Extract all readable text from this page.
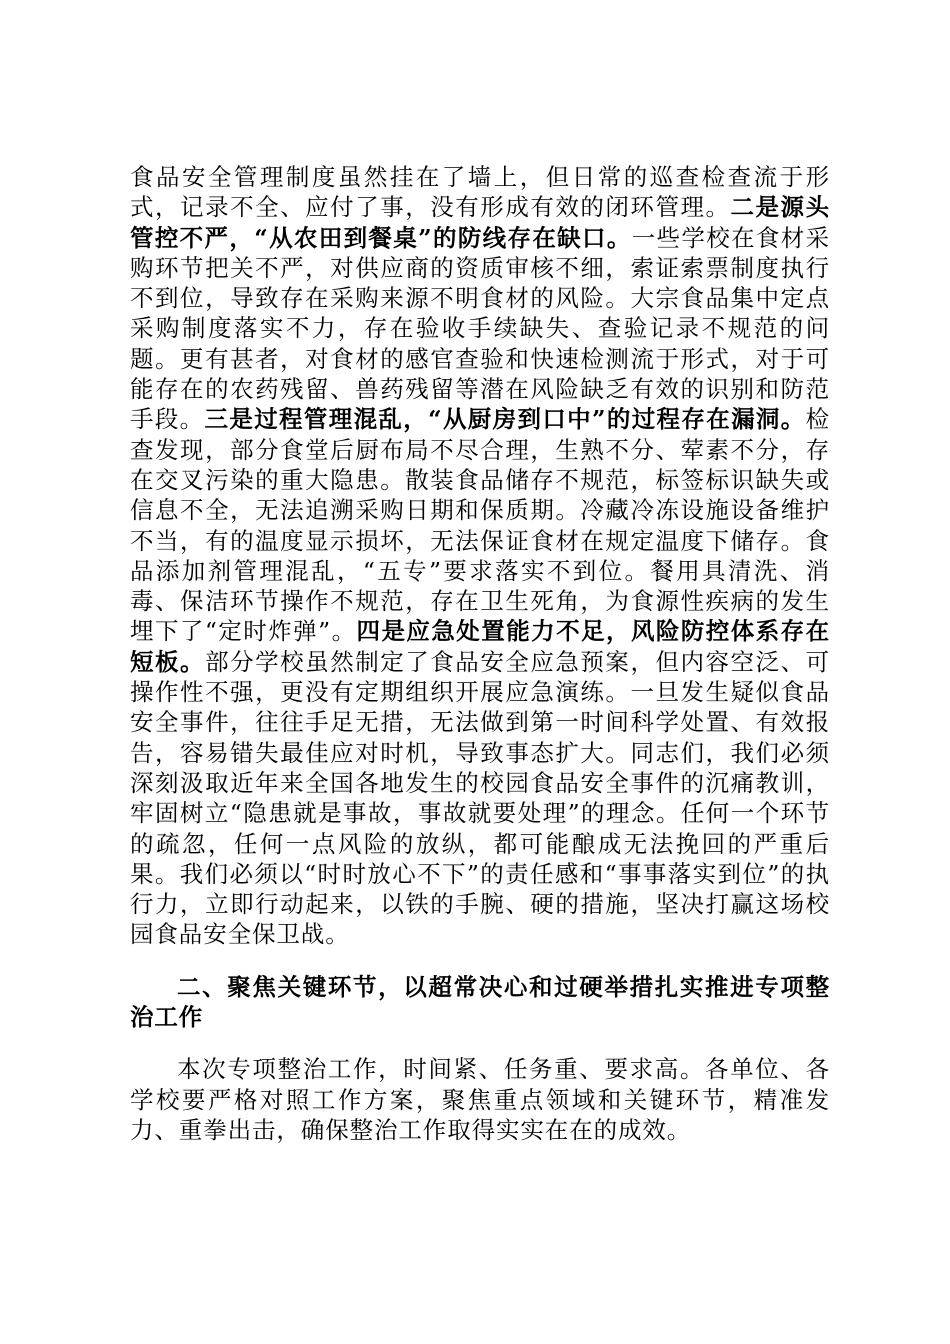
食品安全管理制度虽然挂在了墙上，但日常的巡查检查流于形式，记录不全、应付了事，没有形成有效的闭环管理。二是源头管控不严，“从农田到餐桌”的防线存在缺口。一些学校在食材采购环节把关不严，对供应商的资质审核不细，索证索票制度执行不到位，导致存在采购来源不明食材的风险。大宗食品集中定点采购制度落实不力，存在验收手续缺失、查验记录不规范的问题。更有甚者，对食材的感官查验和快速检测流于形式，对于可能存在的农药残留、兽药残留等潜在风险缺乏有效的识别和防范手段。三是过程管理混乱，“从厨房到口中”的过程存在漏洞。检查发现，部分食堂后厨布局不尽合理，生熟不分、荤素不分，存在交叉污染的重大隐患。散装食品储存不规范，标签标识缺失或信息不全，无法追溯采购日期和保质期。冷藏冷冻设施设备维护不当，有的温度显示损坏，无法保证食材在规定温度下储存。食品添加剂管理混乱，“五专”要求落实不到位。餐用具清洗、消毒、保洁环节操作不规范，存在卫生死角，为食源性疾病的发生埋下了“定时炸弹”。四是应急处置能力不足，风险防控体系存在短板。部分学校虽然制定了食品安全应急预案，但内容空泛、可操作性不强，更没有定期组织开展应急演练。一旦发生疑似食品安全事件，往往手足无措，无法做到第一时间科学处置、有效报告，容易错失最佳应对时机，导致事态扩大。同志们，我们必须深刻汲取近年来全国各地发生的校园食品安全事件的沉痛教训，牢固树立“隐患就是事故，事故就要处理”的理念。任何一个环节的疏忽，任何一点风险的放纵，都可能酿成无法挽回的严重后果。我们必须以“时时放心不下”的责任感和“事事落实到位”的执行力，立即行动起来，以铁的手腕、硬的措施，坚决打赢这场校园食品安全保卫战。

二、聚焦关键环节，以超常决心和过硬举措扎实推进专项整治工作

本次专项整治工作，时间紧、任务重、要求高。各单位、各学校要严格对照工作方案，聚焦重点领域和关键环节，精准发力、重拳出击，确保整治工作取得实实在在的成效。
